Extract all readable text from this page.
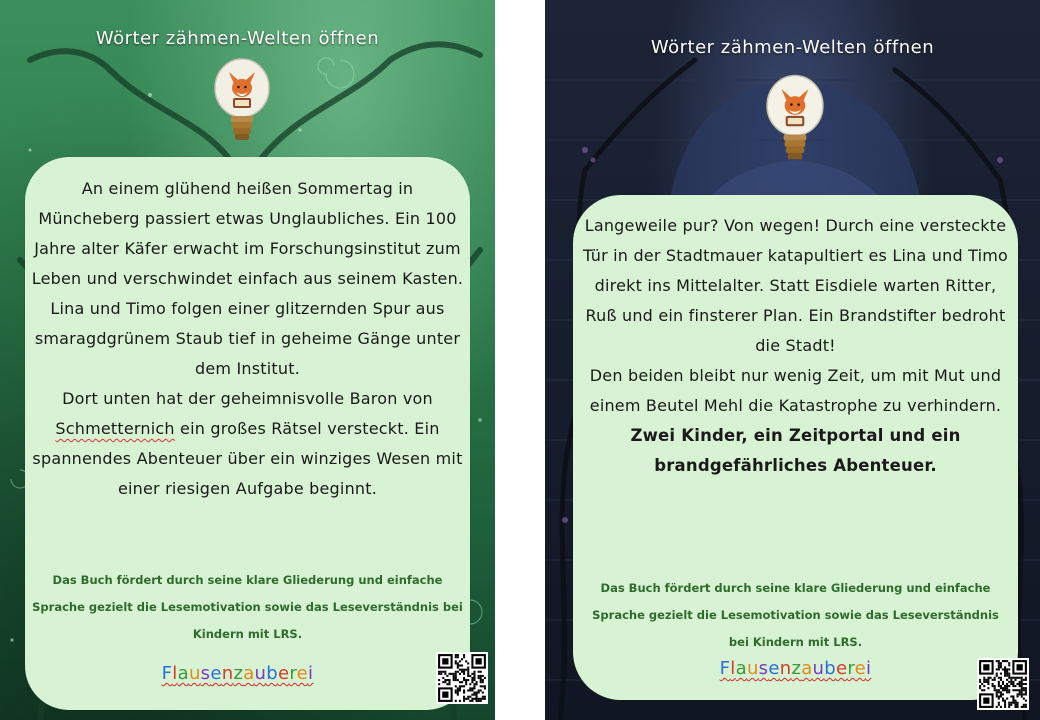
Wörter zähmen-Welten öffnen

An einem glühend heißen Sommertag in Müncheberg passiert etwas Unglaubliches. Ein 100 Jahre alter Käfer erwacht im Forschungsinstitut zum Leben und verschwindet einfach aus seinem Kasten. Lina und Timo folgen einer glitzernden Spur aus smaragdgrünem Staub tief in geheime Gänge unter dem Institut.

Dort unten hat der geheimnisvolle Baron von Schmetternich ein großes Rätsel versteckt. Ein spannendes Abenteuer über ein winziges Wesen mit einer riesigen Aufgabe beginnt.

Das Buch fördert durch seine klare Gliederung und einfache Sprache gezielt die Lesemotivation sowie das Leseverständnis bei Kindern mit LRS.
Flausenzauberei
Wörter zähmen-Welten öffnen

Langeweile pur? Von wegen! Durch eine versteckte Tür in der Stadtmauer katapultiert es Lina und Timo direkt ins Mittelalter. Statt Eisdiele warten Ritter, Ruß und ein finsterer Plan. Ein Brandstifter bedroht die Stadt!

Den beiden bleibt nur wenig Zeit, um mit Mut und einem Beutel Mehl die Katastrophe zu verhindern.

Zwei Kinder, ein Zeitportal und ein brandgefährliches Abenteuer.

Das Buch fördert durch seine klare Gliederung und einfache Sprache gezielt die Lesemotivation sowie das Leseverständnis bei Kindern mit LRS.
Flausenzauberei
